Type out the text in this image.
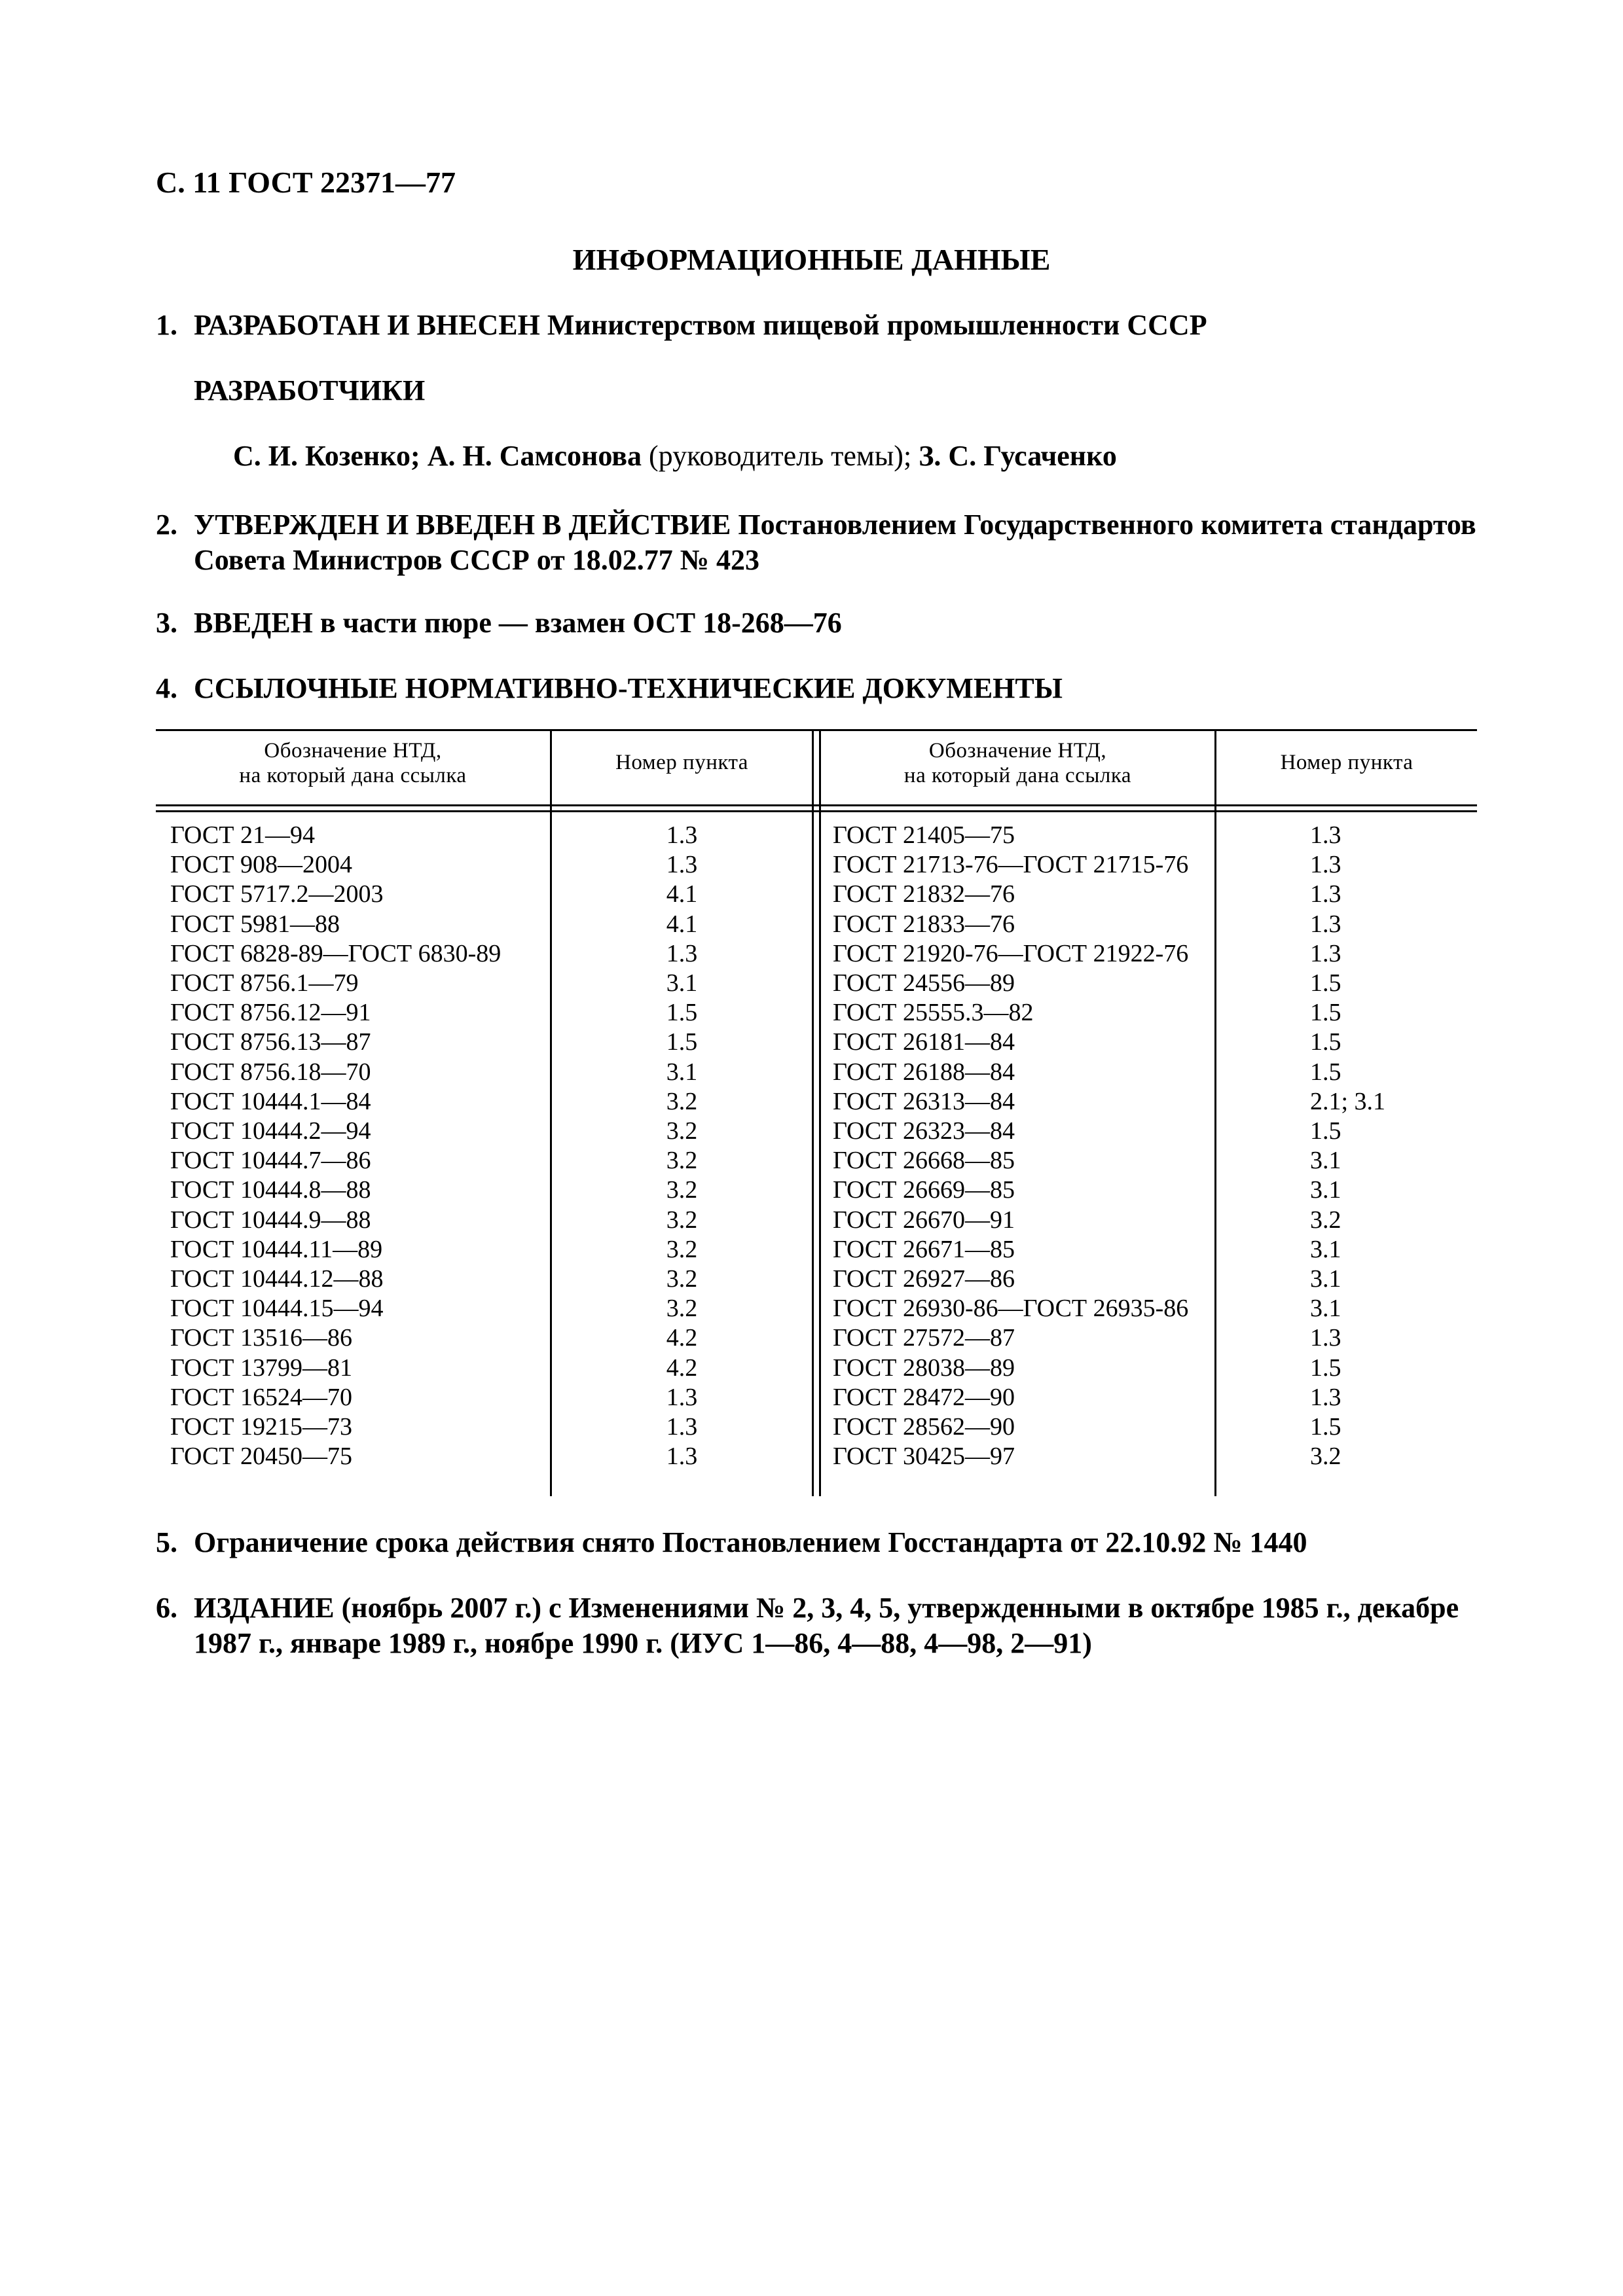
С. 11 ГОСТ 22371—77
ИНФОРМАЦИОННЫЕ ДАННЫЕ
1. РАЗРАБОТАН И ВНЕСЕН Министерством пищевой промышленности СССР
РАЗРАБОТЧИКИ
С. И. Козенко; А. Н. Самсонова (руководитель темы); З. С. Гусаченко
2. УТВЕРЖДЕН И ВВЕДЕН В ДЕЙСТВИЕ Постановлением Государственного комитета стандартов
Совета Министров СССР от 18.02.77 № 423
3. ВВЕДЕН в части пюре — взамен ОСТ 18-268—76
4. ССЫЛОЧНЫЕ НОРМАТИВНО-ТЕХНИЧЕСКИЕ ДОКУМЕНТЫ
Обозначение НТД,
на который дана ссылка
Номер пункта	Обозначение НТД,
на который дана ссылка
Номер пункта
ГОСТ 21—94
ГОСТ 908—2004
ГОСТ 5717.2—2003
ГОСТ 5981—88
ГОСТ 6828-89—ГОСТ 6830-89
ГОСТ 8756.1—79
ГОСТ 8756.12—91
ГОСТ 8756.13—87
ГОСТ 8756.18—70
ГОСТ 10444.1—84
ГОСТ 10444.2—94
ГОСТ 10444.7—86
ГОСТ 10444.8—88
ГОСТ 10444.9—88
ГОСТ 10444.11—89
ГОСТ 10444.12—88
ГОСТ 10444.15—94
ГОСТ 13516—86
ГОСТ 13799—81
ГОСТ 16524—70
ГОСТ 19215—73
ГОСТ 20450—75
1.3
1.3
4.1
4.1
1.3
3.1
1.5
1.5
3.1
3.2
3.2
3.2
3.2
3.2
3.2
3.2
3.2
4.2
4.2
1.3
1.3
1.3
ГОСТ 21405—75
ГОСТ 21713-76—ГОСТ 21715-76
ГОСТ 21832—76
ГОСТ 21833—76
ГОСТ 21920-76—ГОСТ 21922-76
ГОСТ 24556—89
ГОСТ 25555.3—82
ГОСТ 26181—84
ГОСТ 26188—84
ГОСТ 26313—84
ГОСТ 26323—84
ГОСТ 26668—85
ГОСТ 26669—85
ГОСТ 26670—91
ГОСТ 26671—85
ГОСТ 26927—86
ГОСТ 26930-86—ГОСТ 26935-86
ГОСТ 27572—87
ГОСТ 28038—89
ГОСТ 28472—90
ГОСТ 28562—90
ГОСТ 30425—97
1.3
1.3
1.3
1.3
1.3
1.5
1.5
1.5
1.5
2.1; 3.1
1.5
3.1
3.1
3.2
3.1
3.1
3.1
1.3
1.5
1.3
1.5
3.2
5. Ограничение срока действия снято Постановлением Госстандарта от 22.10.92 № 1440
6. ИЗДАНИЕ (ноябрь 2007 г.) с Изменениями № 2, 3, 4, 5, утвержденными в октябре 1985 г., декабре
1987 г., январе 1989 г., ноябре 1990 г. (ИУС 1—86, 4—88, 4—98, 2—91)
